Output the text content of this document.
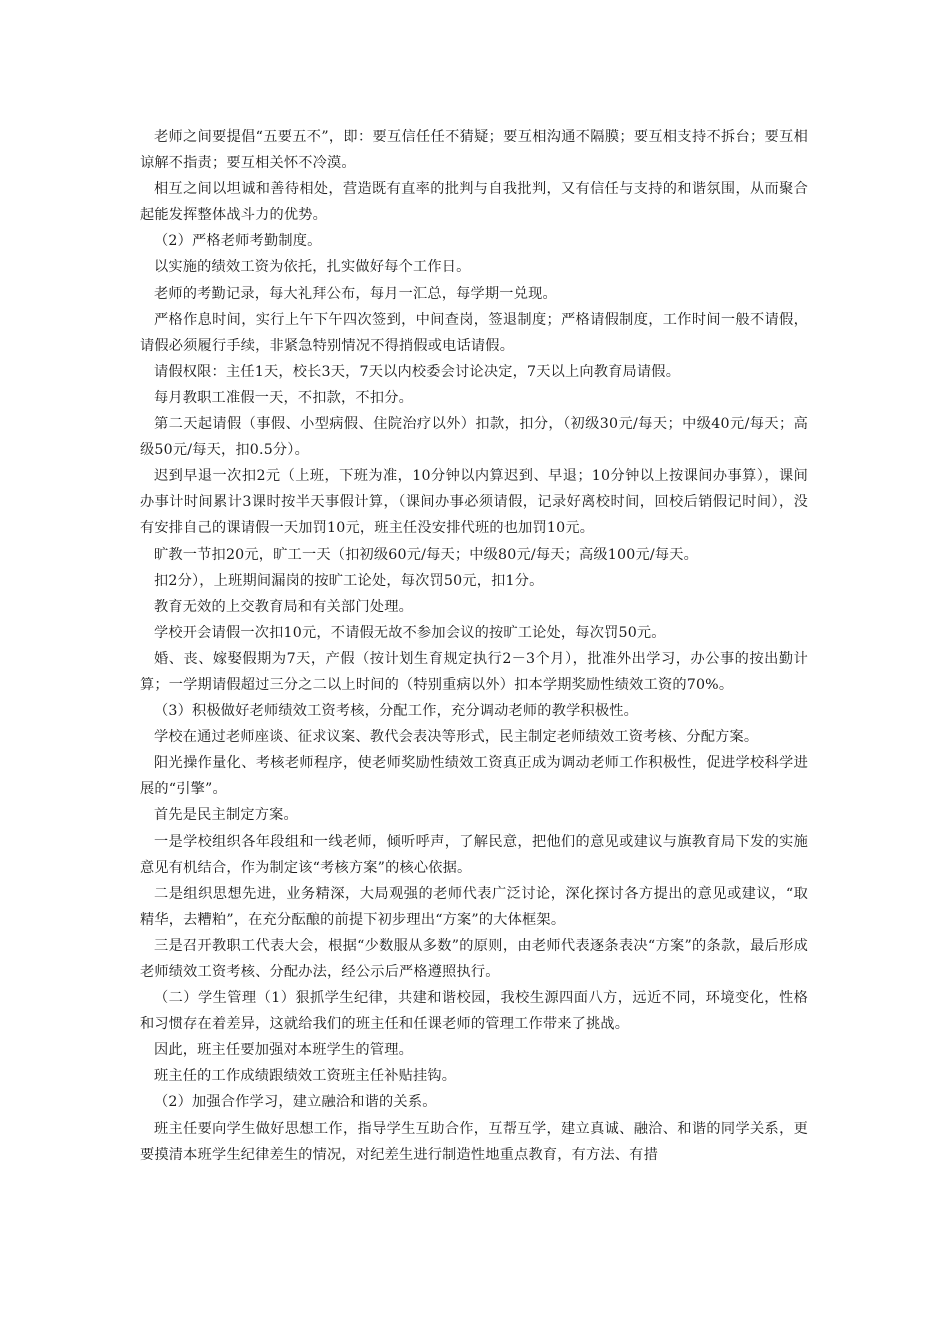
老师之间要提倡“五要五不”，即：要互信任任不猜疑；要互相沟通不隔膜；要互相支持不拆台；要互相谅解不指责；要互相关怀不冷漠。

相互之间以坦诚和善待相处，营造既有直率的批判与自我批判，又有信任与支持的和谐氛围，从而聚合起能发挥整体战斗力的优势。

（2）严格老师考勤制度。

以实施的绩效工资为依托，扎实做好每个工作日。

老师的考勤记录，每大礼拜公布，每月一汇总，每学期一兑现。

严格作息时间，实行上午下午四次签到，中间查岗，签退制度；严格请假制度，工作时间一般不请假，请假必须履行手续，非紧急特别情况不得捎假或电话请假。

请假权限：主任1天，校长3天，7天以内校委会讨论决定，7天以上向教育局请假。

每月教职工准假一天，不扣款，不扣分。

第二天起请假（事假、小型病假、住院治疗以外）扣款，扣分，（初级30元/每天；中级40元/每天；高级50元/每天，扣0.5分）。

迟到早退一次扣2元（上班，下班为准，10分钟以内算迟到、早退；10分钟以上按课间办事算），课间办事计时间累计3课时按半天事假计算，（课间办事必须请假，记录好离校时间，回校后销假记时间），没有安排自己的课请假一天加罚10元，班主任没安排代班的也加罚10元。

旷教一节扣20元，旷工一天（扣初级60元/每天；中级80元/每天；高级100元/每天。

扣2分），上班期间漏岗的按旷工论处，每次罚50元，扣1分。

教育无效的上交教育局和有关部门处理。

学校开会请假一次扣10元，不请假无故不参加会议的按旷工论处，每次罚50元。

婚、丧、嫁娶假期为7天，产假（按计划生育规定执行2－3个月），批准外出学习，办公事的按出勤计算；一学期请假超过三分之二以上时间的（特别重病以外）扣本学期奖励性绩效工资的70%。

（3）积极做好老师绩效工资考核，分配工作，充分调动老师的教学积极性。

学校在通过老师座谈、征求议案、教代会表决等形式，民主制定老师绩效工资考核、分配方案。

阳光操作量化、考核老师程序，使老师奖励性绩效工资真正成为调动老师工作积极性，促进学校科学进展的“引擎”。

首先是民主制定方案。

一是学校组织各年段组和一线老师，倾听呼声，了解民意，把他们的意见或建议与旗教育局下发的实施意见有机结合，作为制定该“考核方案”的核心依据。

二是组织思想先进，业务精深，大局观强的老师代表广泛讨论，深化探讨各方提出的意见或建议，“取精华，去糟粕”，在充分酝酿的前提下初步理出“方案”的大体框架。

三是召开教职工代表大会，根据“少数服从多数”的原则，由老师代表逐条表决“方案”的条款，最后形成老师绩效工资考核、分配办法，经公示后严格遵照执行。

（二）学生管理（1）狠抓学生纪律，共建和谐校园，我校生源四面八方，远近不同，环境变化，性格和习惯存在着差异，这就给我们的班主任和任课老师的管理工作带来了挑战。

因此，班主任要加强对本班学生的管理。

班主任的工作成绩跟绩效工资班主任补贴挂钩。

（2）加强合作学习，建立融洽和谐的关系。

班主任要向学生做好思想工作，指导学生互助合作，互帮互学，建立真诚、融洽、和谐的同学关系，更要摸清本班学生纪律差生的情况，对纪差生进行制造性地重点教育，有方法、有措
